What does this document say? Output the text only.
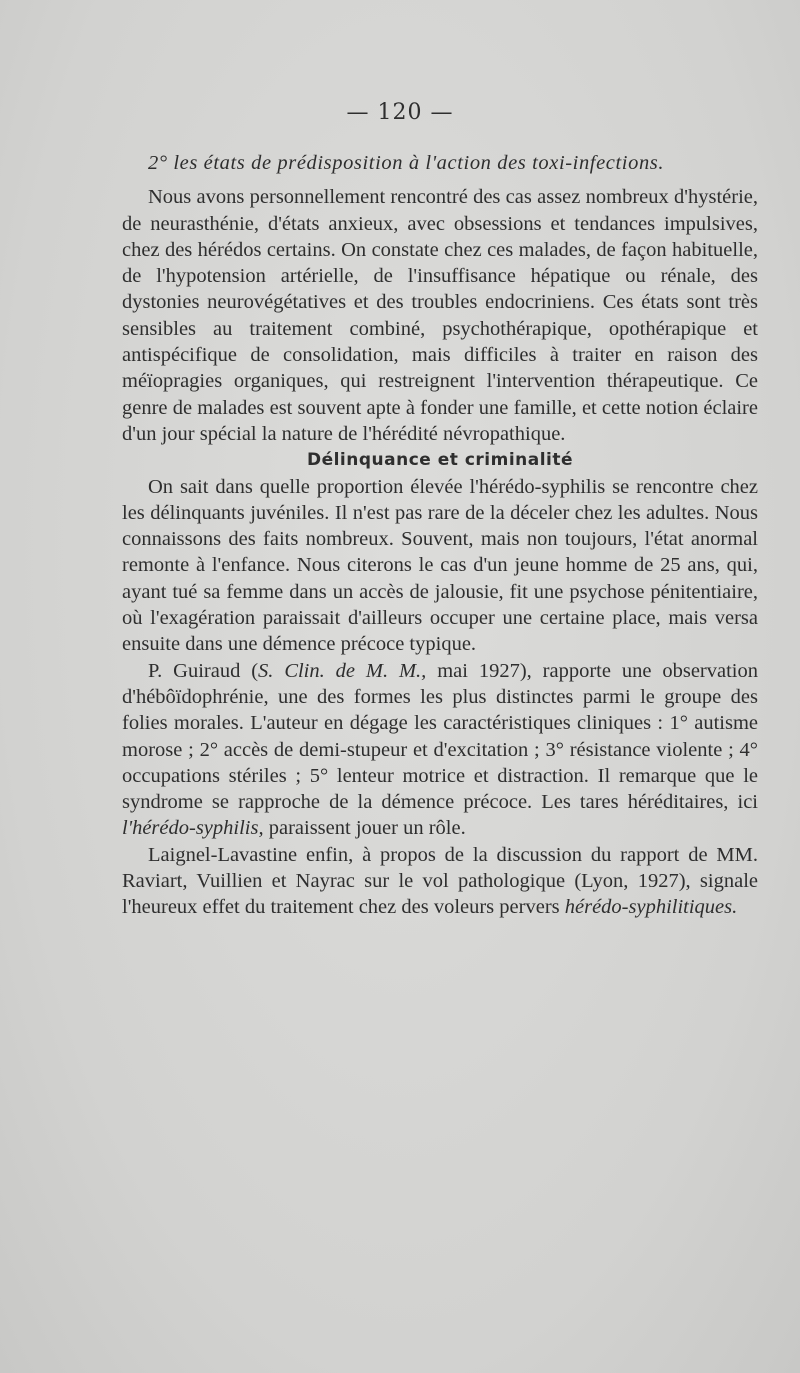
— 120 —

2° les états de prédisposition à l'action des toxi-infections.

Nous avons personnellement rencontré des cas assez nombreux d'hystérie, de neurasthénie, d'états anxieux, avec obsessions et tendances impulsives, chez des hérédos certains. On constate chez ces malades, de façon habituelle, de l'hypotension artérielle, de l'insuffisance hépatique ou rénale, des dystonies neurovégétatives et des troubles endocriniens. Ces états sont très sensibles au traitement combiné, psychothérapique, opothérapique et antispécifique de consolidation, mais difficiles à traiter en raison des méïopragies organiques, qui restreignent l'intervention thérapeutique. Ce genre de malades est souvent apte à fonder une famille, et cette notion éclaire d'un jour spécial la nature de l'hérédité névropathique.

Délinquance et criminalité

On sait dans quelle proportion élevée l'hérédo-syphilis se rencontre chez les délinquants juvéniles. Il n'est pas rare de la déceler chez les adultes. Nous connaissons des faits nombreux. Souvent, mais non toujours, l'état anormal remonte à l'enfance. Nous citerons le cas d'un jeune homme de 25 ans, qui, ayant tué sa femme dans un accès de jalousie, fit une psychose pénitentiaire, où l'exagération paraissait d'ailleurs occuper une certaine place, mais versa ensuite dans une démence précoce typique.

P. Guiraud (S. Clin. de M. M., mai 1927), rapporte une observation d'hébôïdophrénie, une des formes les plus distinctes parmi le groupe des folies morales. L'auteur en dégage les caractéristiques cliniques : 1° autisme morose ; 2° accès de demi-stupeur et d'excitation ; 3° résistance violente ; 4° occupations stériles ; 5° lenteur motrice et distraction. Il remarque que le syndrome se rapproche de la démence précoce. Les tares héréditaires, ici l'hérédo-syphilis, paraissent jouer un rôle.

Laignel-Lavastine enfin, à propos de la discussion du rapport de MM. Raviart, Vuillien et Nayrac sur le vol pathologique (Lyon, 1927), signale l'heureux effet du traitement chez des voleurs pervers hérédo-syphilitiques.
